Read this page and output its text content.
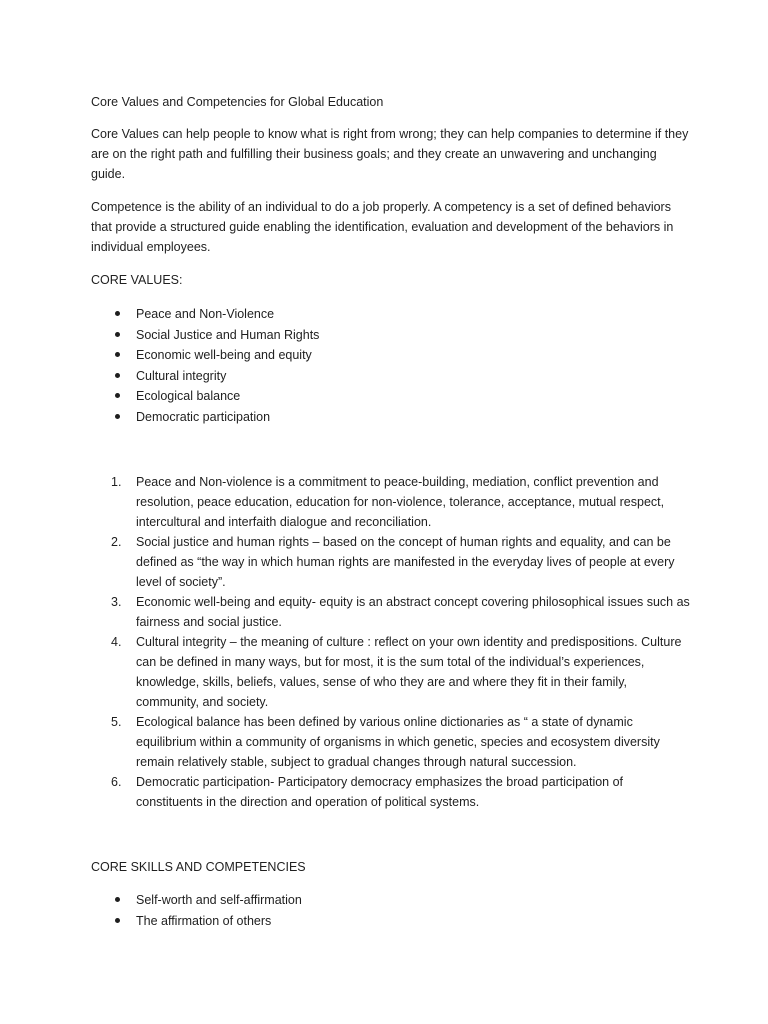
Core Values and Competencies for Global Education

Core Values can help people to know what is right from wrong; they can help companies to determine if they are on the right path and fulfilling their business goals; and they create an unwavering and unchanging guide.

Competence is the ability of an individual to do a job properly. A competency is a set of defined behaviors that provide a structured guide enabling the identification, evaluation and development of the behaviors in individual employees.

CORE VALUES:
Peace and Non-Violence
Social Justice and Human Rights
Economic well-being and equity
Cultural integrity
Ecological balance
Democratic participation
1. Peace and Non-violence is a commitment to peace-building, mediation, conflict prevention and resolution, peace education, education for non-violence, tolerance, acceptance, mutual respect, intercultural and interfaith dialogue and reconciliation.
2. Social justice and human rights – based on the concept of human rights and equality, and can be defined as “the way in which human rights are manifested in the everyday lives of people at every level of society”.
3. Economic well-being and equity- equity is an abstract concept covering philosophical issues such as fairness and social justice.
4. Cultural integrity – the meaning of culture : reflect on your own identity and predispositions. Culture can be defined in many ways, but for most, it is the sum total of the individual’s experiences, knowledge, skills, beliefs, values, sense of who they are and where they fit in their family, community, and society.
5. Ecological balance has been defined by various online dictionaries as “ a state of dynamic equilibrium within a community of organisms in which genetic, species and ecosystem diversity remain relatively stable, subject to gradual changes through natural succession.
6. Democratic participation- Participatory democracy emphasizes the broad participation of constituents in the direction and operation of political systems.
CORE SKILLS AND COMPETENCIES
Self-worth and self-affirmation
The affirmation of others
